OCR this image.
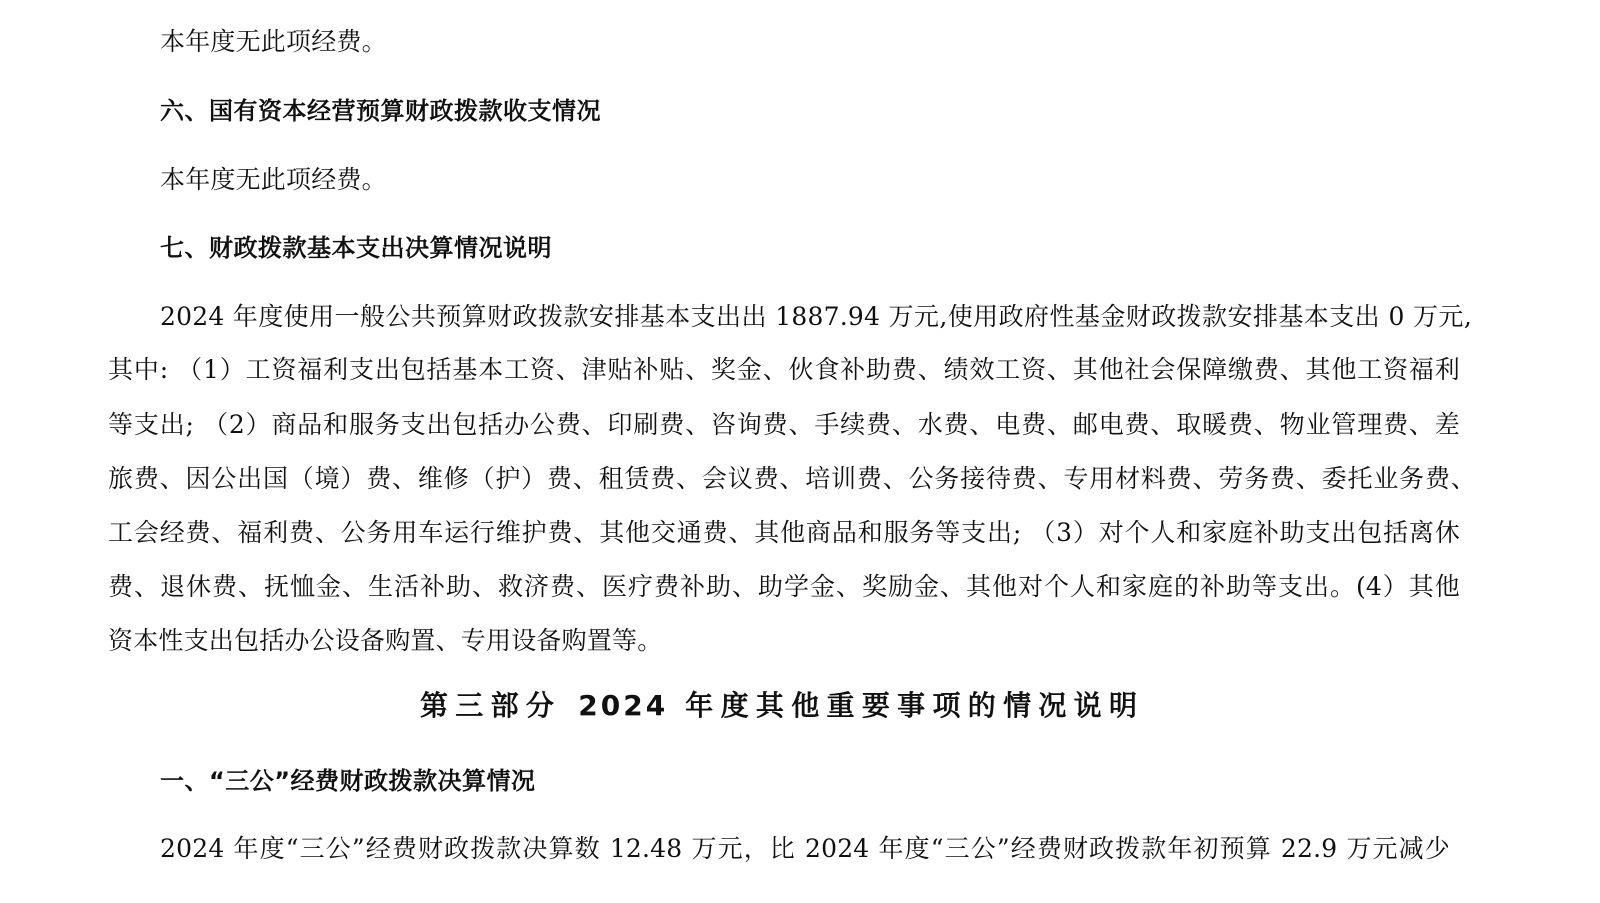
本年度无此项经费。
六、国有资本经营预算财政拨款收支情况
本年度无此项经费。
七、财政拨款基本支出决算情况说明
2024 年度使用一般公共预算财政拨款安排基本支出出 1887.94 万元,使用政府性基金财政拨款安排基本支出 0 万元,
其中: （1）工资福利支出包括基本工资、津贴补贴、奖金、伙食补助费、绩效工资、其他社会保障缴费、其他工资福利
等支出; （2）商品和服务支出包括办公费、印刷费、咨询费、手续费、水费、电费、邮电费、取暖费、物业管理费、差
旅费、因公出国（境）费、维修（护）费、租赁费、会议费、培训费、公务接待费、专用材料费、劳务费、委托业务费、
工会经费、福利费、公务用车运行维护费、其他交通费、其他商品和服务等支出; （3）对个人和家庭补助支出包括离休
费、退休费、抚恤金、生活补助、救济费、医疗费补助、助学金、奖励金、其他对个人和家庭的补助等支出。(4）其他
资本性支出包括办公设备购置、专用设备购置等。
第三部分 2024 年度其他重要事项的情况说明
一、“三公”经费财政拨款决算情况
2024 年度“三公”经费财政拨款决算数 12.48 万元，比 2024 年度“三公”经费财政拨款年初预算 22.9 万元减少
